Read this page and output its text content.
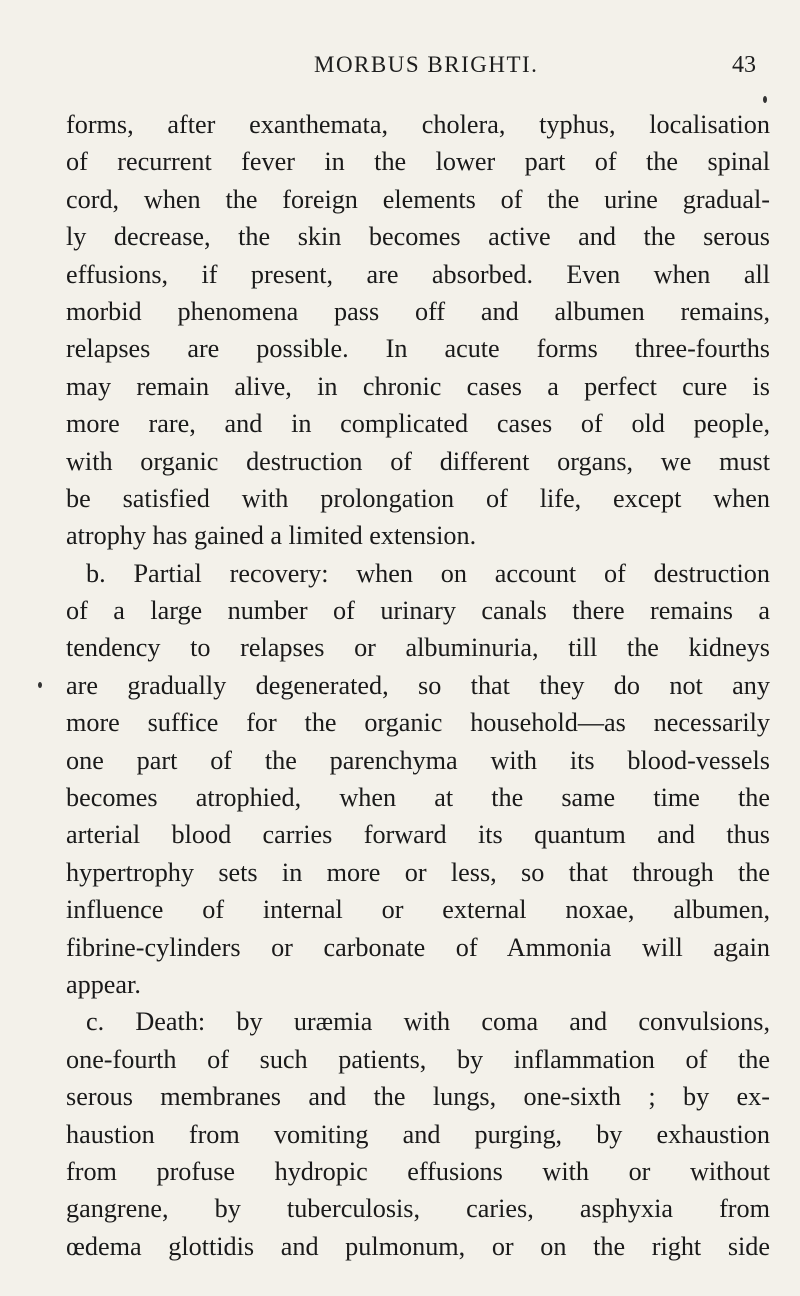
MORBUS BRIGHTI.	43
forms, after exanthemata, cholera, typhus, localisation
of recurrent fever in the lower part of the spinal
cord, when the foreign elements of the urine gradual-
ly decrease, the skin becomes active and the serous
effusions, if present, are absorbed. Even when all
morbid phenomena pass off and albumen remains,
relapses are possible. In acute forms three-fourths
may remain alive, in chronic cases a perfect cure is
more rare, and in complicated cases of old people,
with organic destruction of different organs, we must
be satisfied with prolongation of life, except when
atrophy has gained a limited extension.
b. Partial recovery: when on account of destruction
of a large number of urinary canals there remains a
tendency to relapses or albuminuria, till the kidneys
are gradually degenerated, so that they do not any
more suffice for the organic household—as necessarily
one part of the parenchyma with its blood-vessels
becomes atrophied, when at the same time the
arterial blood carries forward its quantum and thus
hypertrophy sets in more or less, so that through the
influence of internal or external noxae, albumen,
fibrine-cylinders or carbonate of Ammonia will again
appear.
c. Death: by uræmia with coma and convulsions,
one-fourth of such patients, by inflammation of the
serous membranes and the lungs, one-sixth ; by ex-
haustion from vomiting and purging, by exhaustion
from profuse hydropic effusions with or without
gangrene, by tuberculosis, caries, asphyxia from
œdema glottidis and pulmonum, or on the right side
